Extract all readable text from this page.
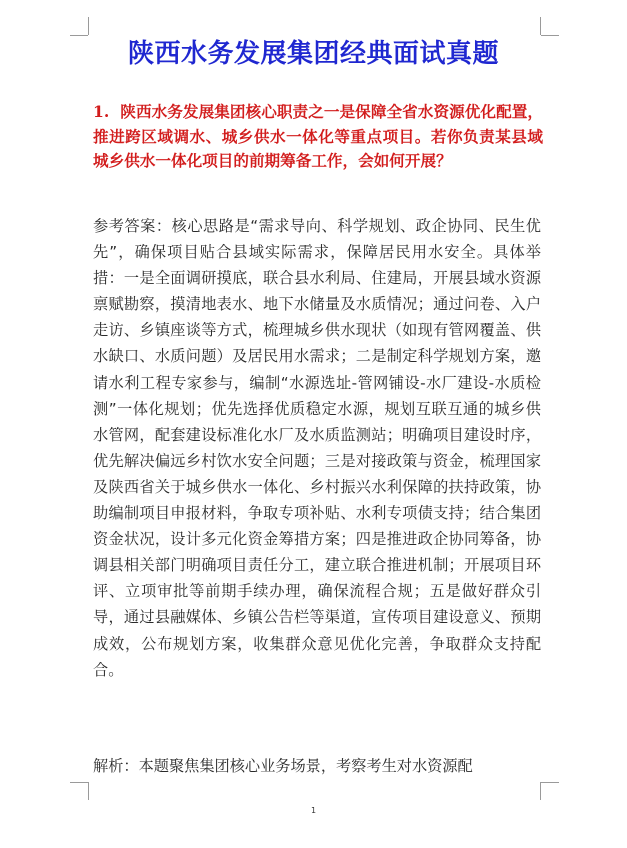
陕西水务发展集团经典面试真题
1. 陕西水务发展集团核心职责之一是保障全省水资源优化配置，推进跨区域调水、城乡供水一体化等重点项目。若你负责某县域城乡供水一体化项目的前期筹备工作，会如何开展？
参考答案：核心思路是“需求导向、科学规划、政企协同、民生优先”，确保项目贴合县域实际需求，保障居民用水安全。具体举措：一是全面调研摸底，联合县水利局、住建局，开展县域水资源禀赋勘察，摸清地表水、地下水储量及水质情况；通过问卷、入户走访、乡镇座谈等方式，梳理城乡供水现状（如现有管网覆盖、供水缺口、水质问题）及居民用水需求；二是制定科学规划方案，邀请水利工程专家参与，编制“水源选址-管网铺设-水厂建设-水质检测”一体化规划；优先选择优质稳定水源，规划互联互通的城乡供水管网，配套建设标准化水厂及水质监测站；明确项目建设时序，优先解决偏远乡村饮水安全问题；三是对接政策与资金，梳理国家及陕西省关于城乡供水一体化、乡村振兴水利保障的扶持政策，协助编制项目申报材料，争取专项补贴、水利专项债支持；结合集团资金状况，设计多元化资金筹措方案；四是推进政企协同筹备，协调县相关部门明确项目责任分工，建立联合推进机制；开展项目环评、立项审批等前期手续办理，确保流程合规；五是做好群众引导，通过县融媒体、乡镇公告栏等渠道，宣传项目建设意义、预期成效，公布规划方案，收集群众意见优化完善，争取群众支持配合。
解析：本题聚焦集团核心业务场景，考察考生对水资源配
1
